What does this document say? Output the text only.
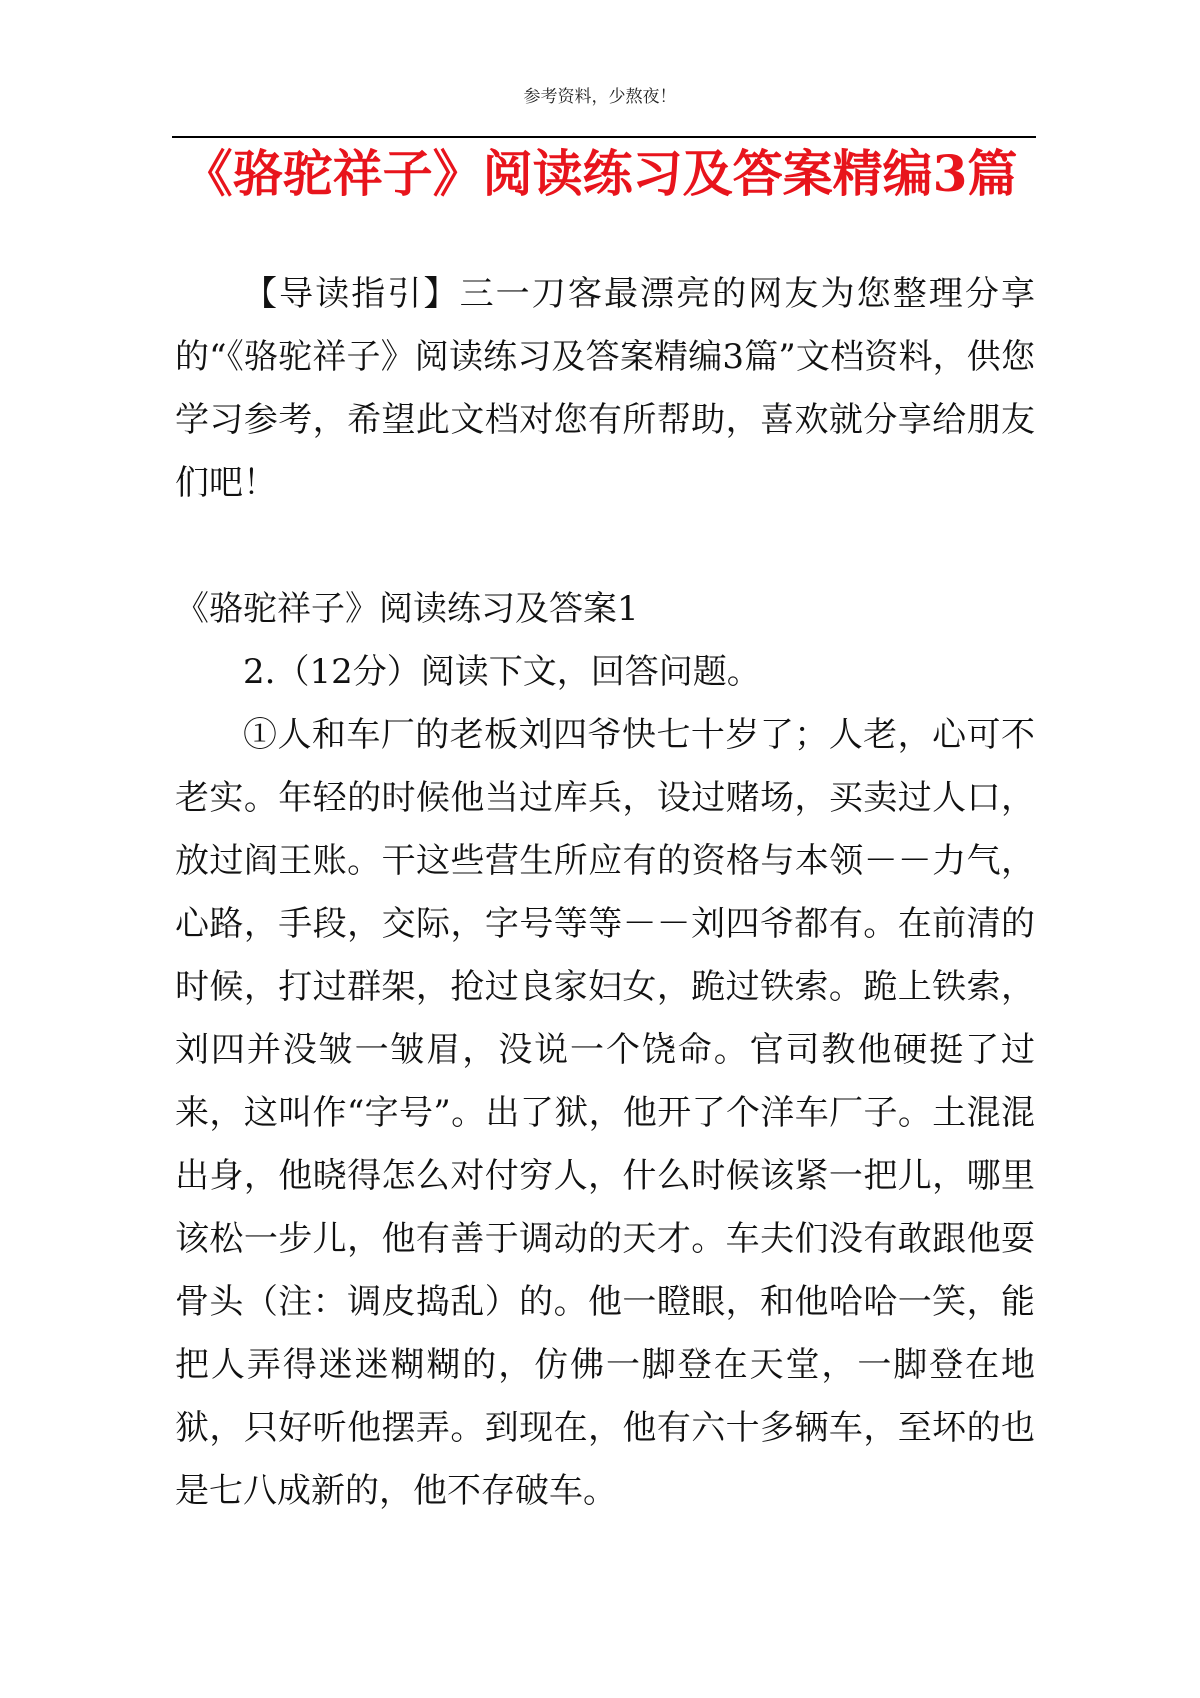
参考资料，少熬夜！
《骆驼祥子》阅读练习及答案精编3篇

【导读指引】三一刀客最漂亮的网友为您整理分享的“《骆驼祥子》阅读练习及答案精编3篇”文档资料，供您学习参考，希望此文档对您有所帮助，喜欢就分享给朋友们吧！

《骆驼祥子》阅读练习及答案1
2.（12分）阅读下文，回答问题。

①人和车厂的老板刘四爷快七十岁了；人老，心可不老实。年轻的时候他当过库兵，设过赌场，买卖过人口，放过阎王账。干这些营生所应有的资格与本领－－力气，心路，手段，交际，字号等等－－刘四爷都有。在前清的时候，打过群架，抢过良家妇女，跪过铁索。跪上铁索，刘四并没皱一皱眉，没说一个饶命。官司教他硬挺了过来，这叫作“字号”。出了狱，他开了个洋车厂子。土混混出身，他晓得怎么对付穷人，什么时候该紧一把儿，哪里该松一步儿，他有善于调动的天才。车夫们没有敢跟他耍骨头（注：调皮捣乱）的。他一瞪眼，和他哈哈一笑，能把人弄得迷迷糊糊的，仿佛一脚登在天堂，一脚登在地狱，只好听他摆弄。到现在，他有六十多辆车，至坏的也是七八成新的，他不存破车。
